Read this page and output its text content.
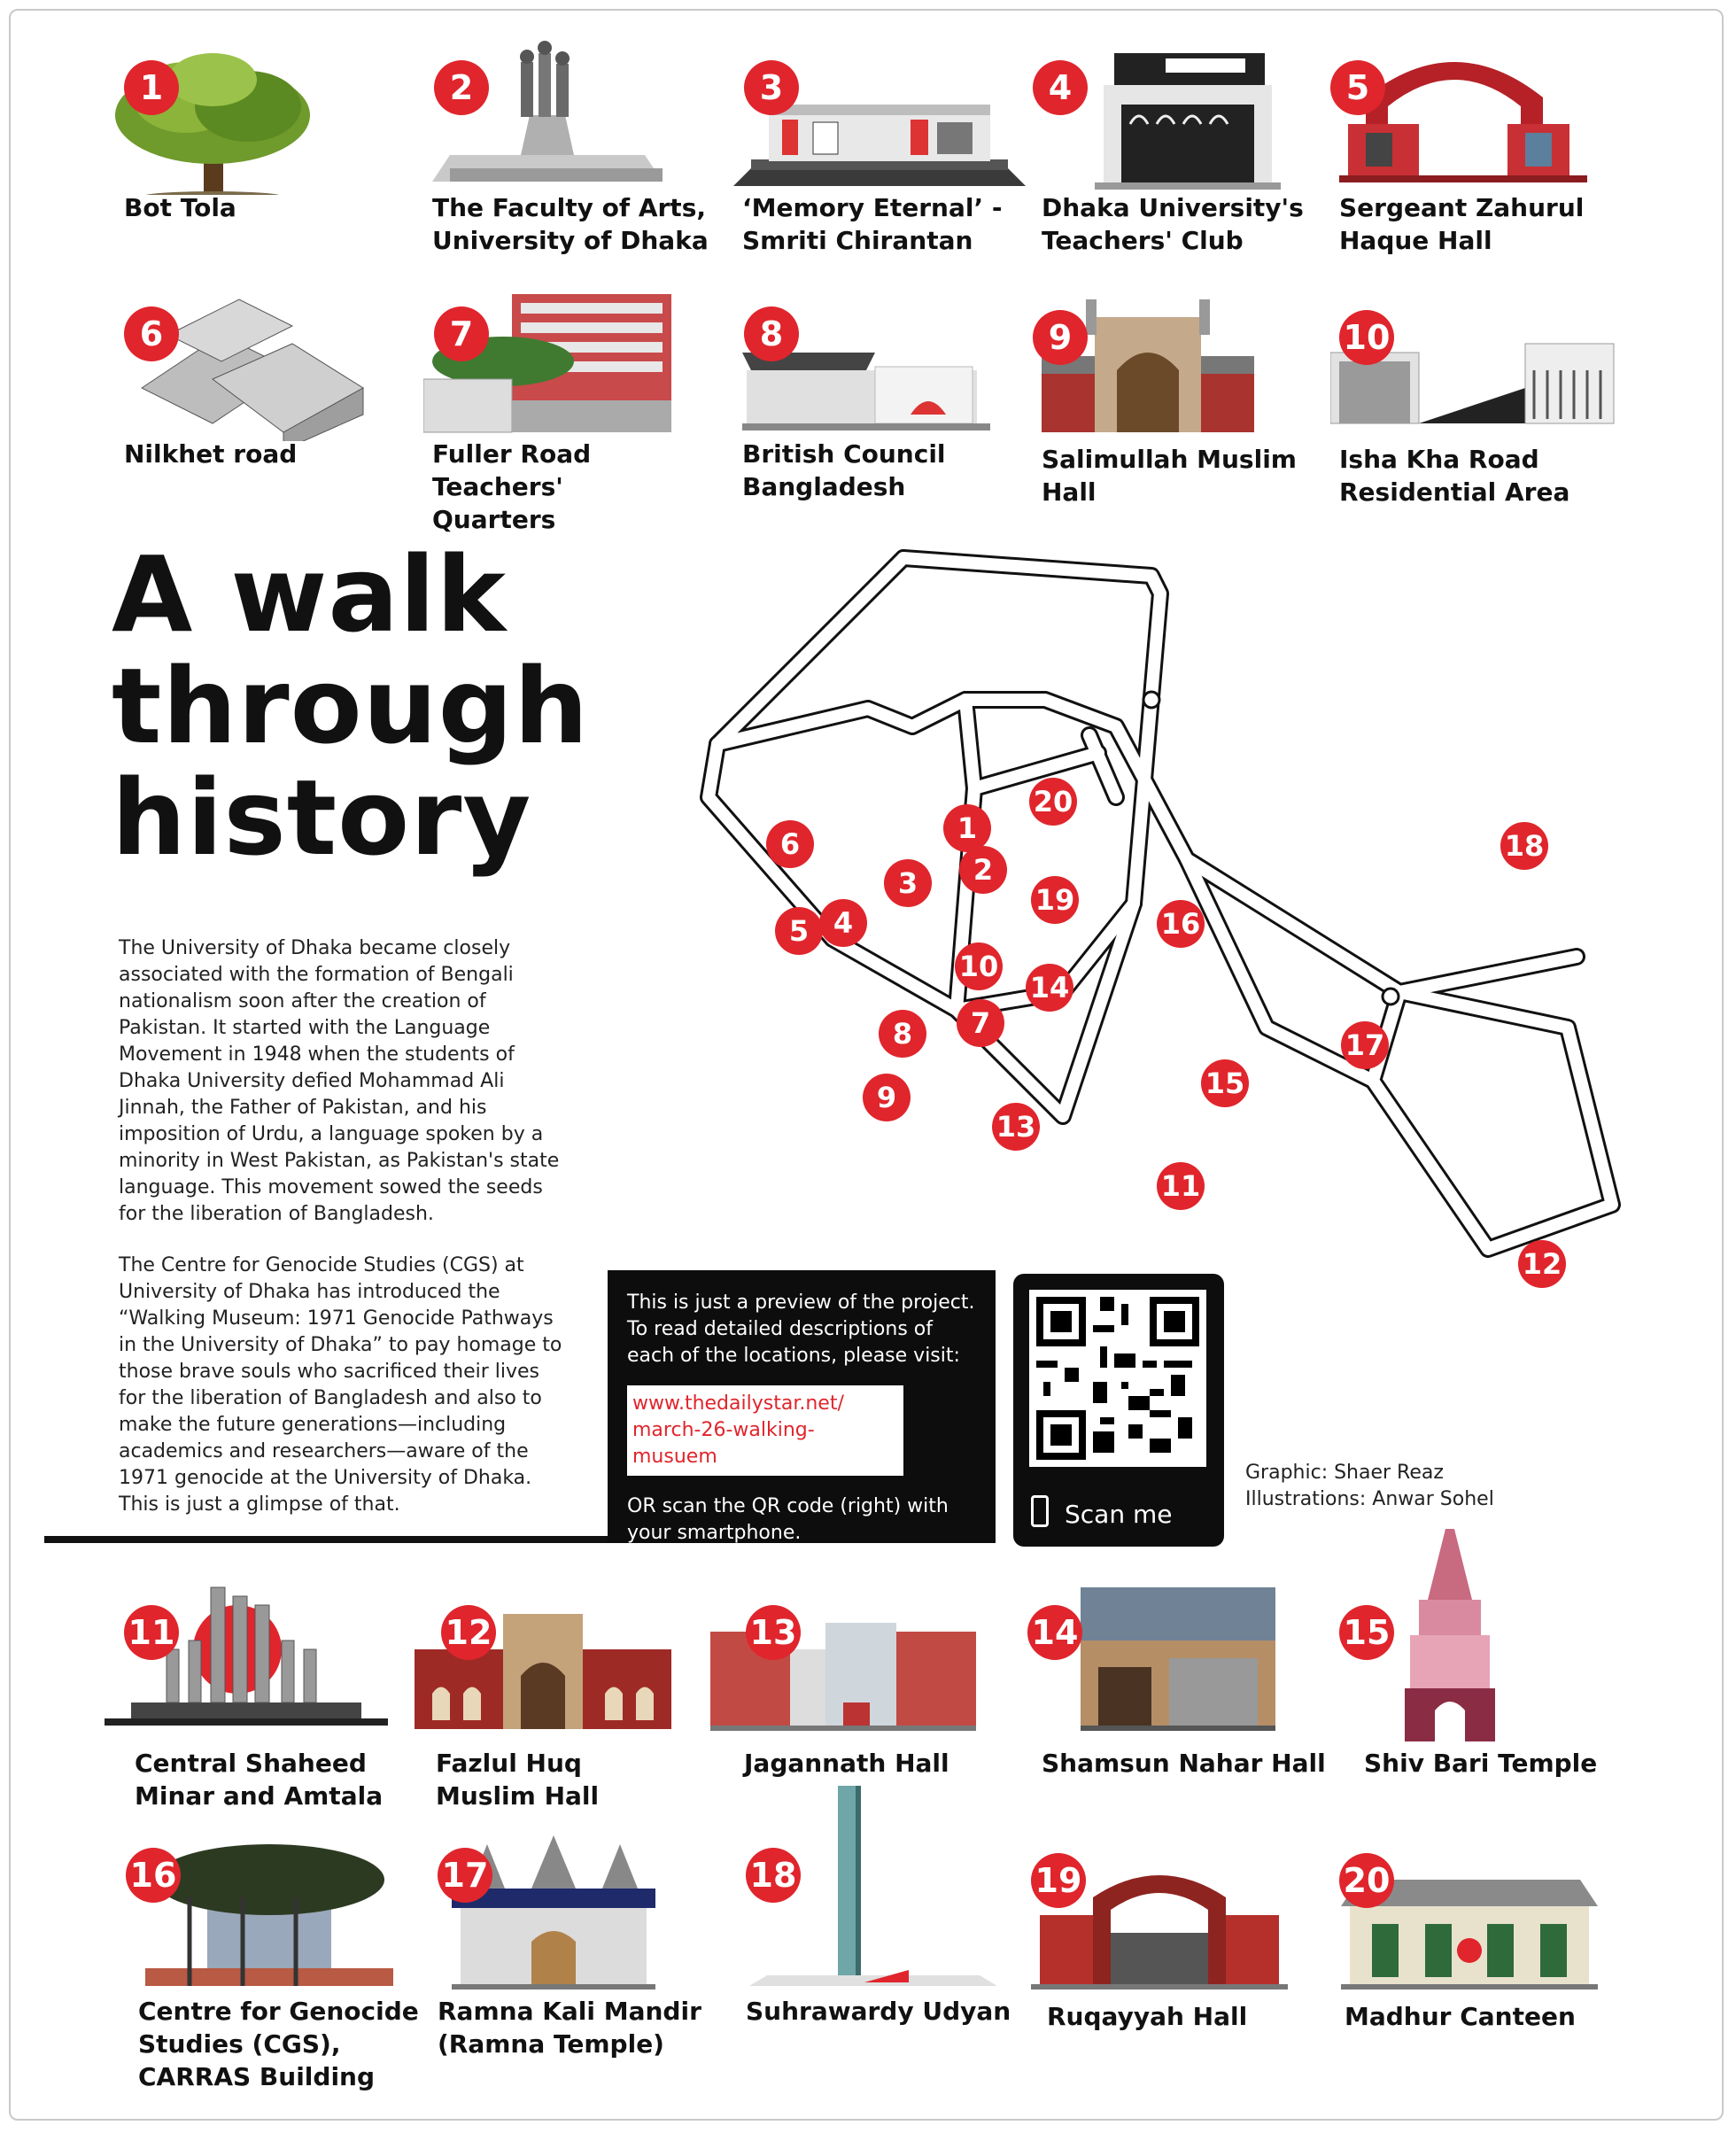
1
Bot Tola
2
The Faculty of Arts,
University of Dhaka
3
‘Memory Eternal’ -
Smriti Chirantan
4
Dhaka University's
Teachers' Club
5
Sergeant Zahurul
Haque Hall
6
Nilkhet road
7
Fuller Road Teachers'
Quarters
8
British Council
Bangladesh
9
Salimullah Muslim
Hall
10
Isha Kha Road
Residential Area
A walk
through
history

The University of Dhaka became closely associated with the formation of Bengali nationalism soon after the creation of Pakistan. It started with the Language Movement in 1948 when the students of Dhaka University defied Mohammad Ali Jinnah, the Father of Pakistan, and his imposition of Urdu, a language spoken by a minority in West Pakistan, as Pakistan's state language. This movement sowed the seeds for the liberation of Bangladesh.

The Centre for Genocide Studies (CGS) at University of Dhaka has introduced the “Walking Museum: 1971 Genocide Pathways in the University of Dhaka” to pay homage to those brave souls who sacrificed their lives for the liberation of Bangladesh and also to make the future generations—including academics and researchers—aware of the 1971 genocide at the University of Dhaka. This is just a glimpse of that.

1
2
3
4
5
6
7
8
9
10
11
12
13
14
15
16
17
18
19
20
This is just a preview of the project. To read detailed descriptions of each of the locations, please visit:
www.thedailystar.net/
march-26-walking-musuem
OR scan the QR code (right) with your smartphone.
Scan me
Graphic: Shaer Reaz
Illustrations: Anwar Sohel
11
Central Shaheed
Minar and Amtala
12
Fazlul Huq
Muslim Hall
13
Jagannath Hall
14
Shamsun Nahar Hall
15
Shiv Bari Temple
16
Centre for Genocide
Studies (CGS),
CARRAS Building
17
Ramna Kali Mandir
(Ramna Temple)
18
Suhrawardy Udyan
19
Ruqayyah Hall
20
Madhur Canteen
